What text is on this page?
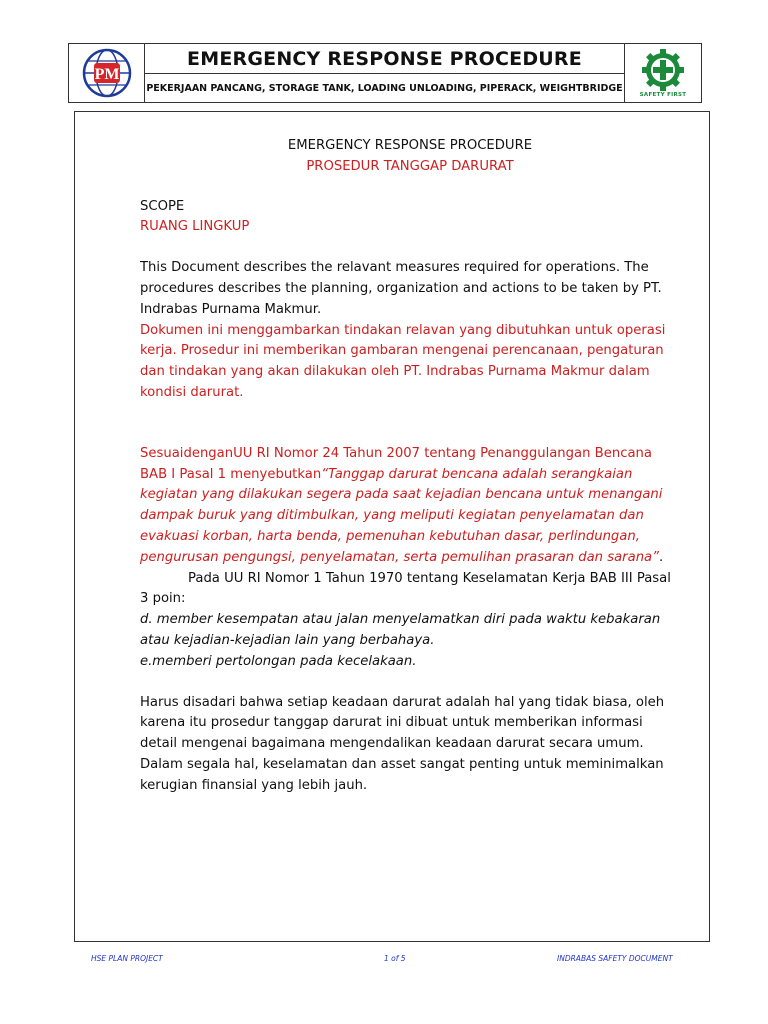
PM
EMERGENCY RESPONSE PROCEDURE
PEKERJAAN PANCANG, STORAGE TANK, LOADING UNLOADING, PIPERACK, WEIGHTBRIDGE
SAFETY FIRST

EMERGENCY RESPONSE PROCEDURE

PROSEDUR TANGGAP DARURAT

SCOPE

RUANG LINGKUP

This Document describes the relavant measures required for operations. The procedures describes the planning, organization and actions to be taken by PT. Indrabas Purnama Makmur.

Dokumen ini menggambarkan tindakan relavan yang dibutuhkan untuk operasi kerja. Prosedur ini memberikan gambaran mengenai perencanaan, pengaturan dan tindakan yang akan dilakukan oleh PT. Indrabas Purnama Makmur dalam kondisi darurat.

SesuaidenganUU RI Nomor 24 Tahun 2007 tentang Penanggulangan Bencana BAB I Pasal 1 menyebutkan“Tanggap darurat bencana adalah serangkaian kegiatan yang dilakukan segera pada saat kejadian bencana untuk menangani dampak buruk yang ditimbulkan, yang meliputi kegiatan penyelamatan dan evakuasi korban, harta benda, pemenuhan kebutuhan dasar, perlindungan, pengurusan pengungsi, penyelamatan, serta pemulihan prasaran dan sarana”.

Pada UU RI Nomor 1 Tahun 1970 tentang Keselamatan Kerja BAB III Pasal 3 poin:

d. member kesempatan atau jalan menyelamatkan diri pada waktu kebakaran atau kejadian-kejadian lain yang berbahaya.

e.memberi pertolongan pada kecelakaan.

Harus disadari bahwa setiap keadaan darurat adalah hal yang tidak biasa, oleh karena itu prosedur tanggap darurat ini dibuat untuk memberikan informasi detail mengenai bagaimana mengendalikan keadaan darurat secara umum. Dalam segala hal, keselamatan dan asset sangat penting untuk meminimalkan kerugian finansial yang lebih jauh.

HSE PLAN PROJECT	1 of 5	INDRABAS SAFETY DOCUMENT
